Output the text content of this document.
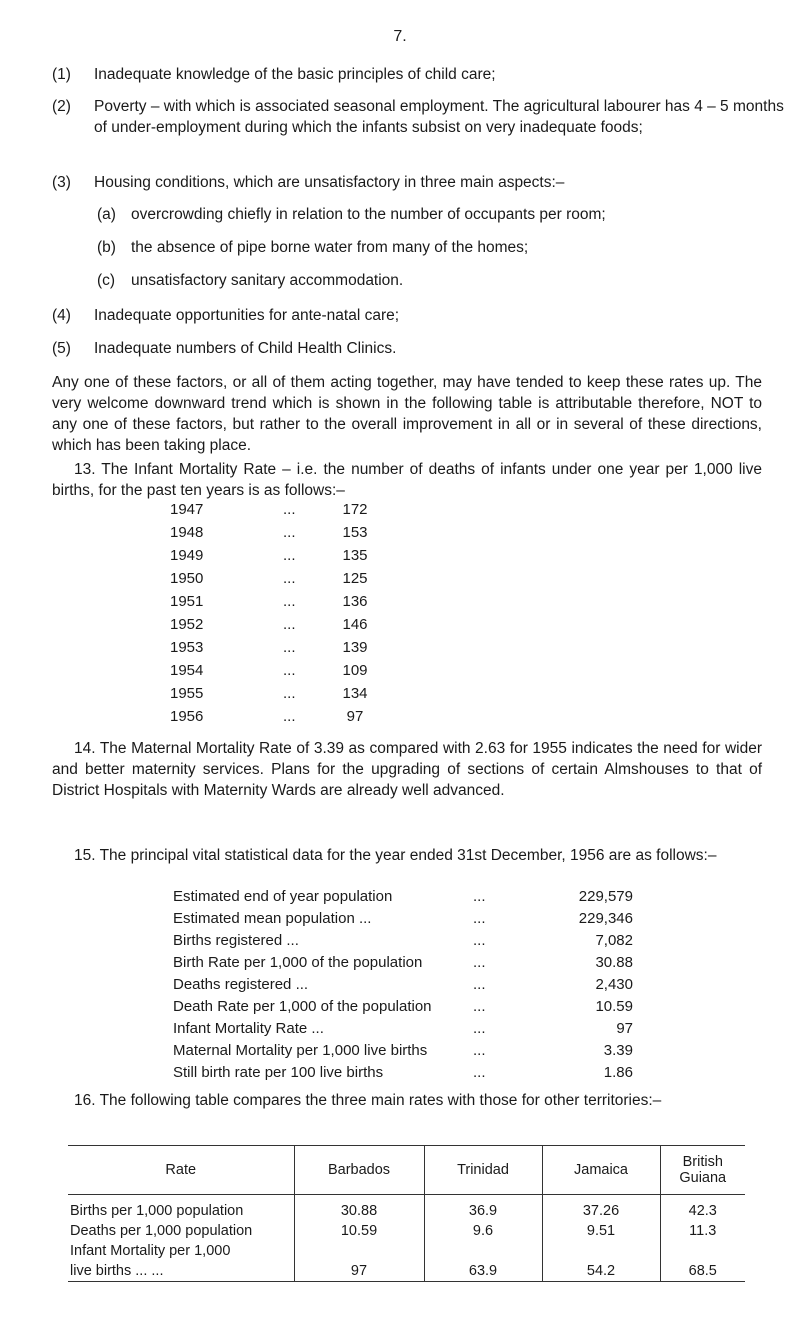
7.
(1) Inadequate knowledge of the basic principles of child care;
(2) Poverty – with which is associated seasonal employment. The agricultural labourer has 4 – 5 months of under-employment during which the infants subsist on very inadequate foods;
(3) Housing conditions, which are unsatisfactory in three main aspects:–
(a) overcrowding chiefly in relation to the number of occupants per room;
(b) the absence of pipe borne water from many of the homes;
(c) unsatisfactory sanitary accommodation.
(4) Inadequate opportunities for ante-natal care;
(5) Inadequate numbers of Child Health Clinics.
Any one of these factors, or all of them acting together, may have tended to keep these rates up. The very welcome downward trend which is shown in the following table is attributable therefore, NOT to any one of these factors, but rather to the overall improvement in all or in several of these directions, which has been taking place.
13. The Infant Mortality Rate – i.e. the number of deaths of infants under one year per 1,000 live births, for the past ten years is as follows:–
1947	...	172
1948	...	153
1949	...	135
1950	...	125
1951	...	136
1952	...	146
1953	...	139
1954	...	109
1955	...	134
1956	...	97
14. The Maternal Mortality Rate of 3.39 as compared with 2.63 for 1955 indicates the need for wider and better maternity services. Plans for the upgrading of sections of certain Almshouses to that of District Hospitals with Maternity Wards are already well advanced.
15. The principal vital statistical data for the year ended 31st December, 1956 are as follows:–
Estimated end of year population	...	229,579
Estimated mean population ...	...	229,346
Births registered ...	...	7,082
Birth Rate per 1,000 of the population	...	30.88
Deaths registered ...	...	2,430
Death Rate per 1,000 of the population	...	10.59
Infant Mortality Rate ...	...	97
Maternal Mortality per 1,000 live births	...	3.39
Still birth rate per 100 live births	...	1.86
16. The following table compares the three main rates with those for other territories:–
Rate	Barbados	Trinidad	Jamaica	British Guiana
Births per 1,000 population	30.88	36.9	37.26	42.3
Deaths per 1,000 population	10.59	9.6	9.51	11.3
Infant Mortality per 1,000				
live births ... ...	97	63.9	54.2	68.5
